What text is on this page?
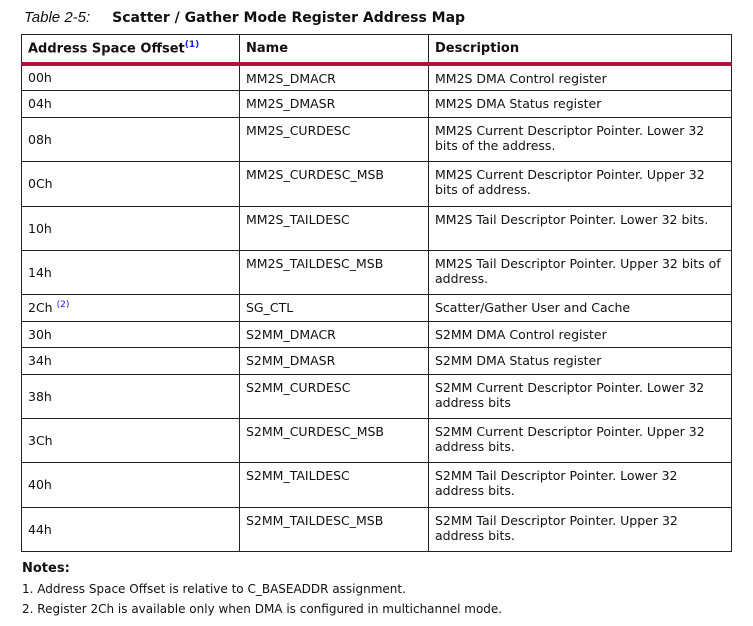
Table 2-5: Scatter / Gather Mode Register Address Map
Address Space Offset$^{(1)}$	Name	Description
00h	MM2S_DMACR	MM2S DMA Control register
04h	MM2S_DMASR	MM2S DMA Status register
08h	MM2S_CURDESC	MM2S Current Descriptor Pointer. Lower 32 bits of the address.
0Ch	MM2S_CURDESC_MSB	MM2S Current Descriptor Pointer. Upper 32 bits of address.
10h	MM2S_TAILDESC	MM2S Tail Descriptor Pointer. Lower 32 bits.
14h	MM2S_TAILDESC_MSB	MM2S Tail Descriptor Pointer. Upper 32 bits of address.
2Ch $^{(2)}$	SG_CTL	Scatter/Gather User and Cache
30h	S2MM_DMACR	S2MM DMA Control register
34h	S2MM_DMASR	S2MM DMA Status register
38h	S2MM_CURDESC	S2MM Current Descriptor Pointer. Lower 32 address bits
3Ch	S2MM_CURDESC_MSB	S2MM Current Descriptor Pointer. Upper 32 address bits.
40h	S2MM_TAILDESC	S2MM Tail Descriptor Pointer. Lower 32 address bits.
44h	S2MM_TAILDESC_MSB	S2MM Tail Descriptor Pointer. Upper 32 address bits.
Notes:
1. Address Space Offset is relative to C_BASEADDR assignment.
2. Register 2Ch is available only when DMA is configured in multichannel mode.
